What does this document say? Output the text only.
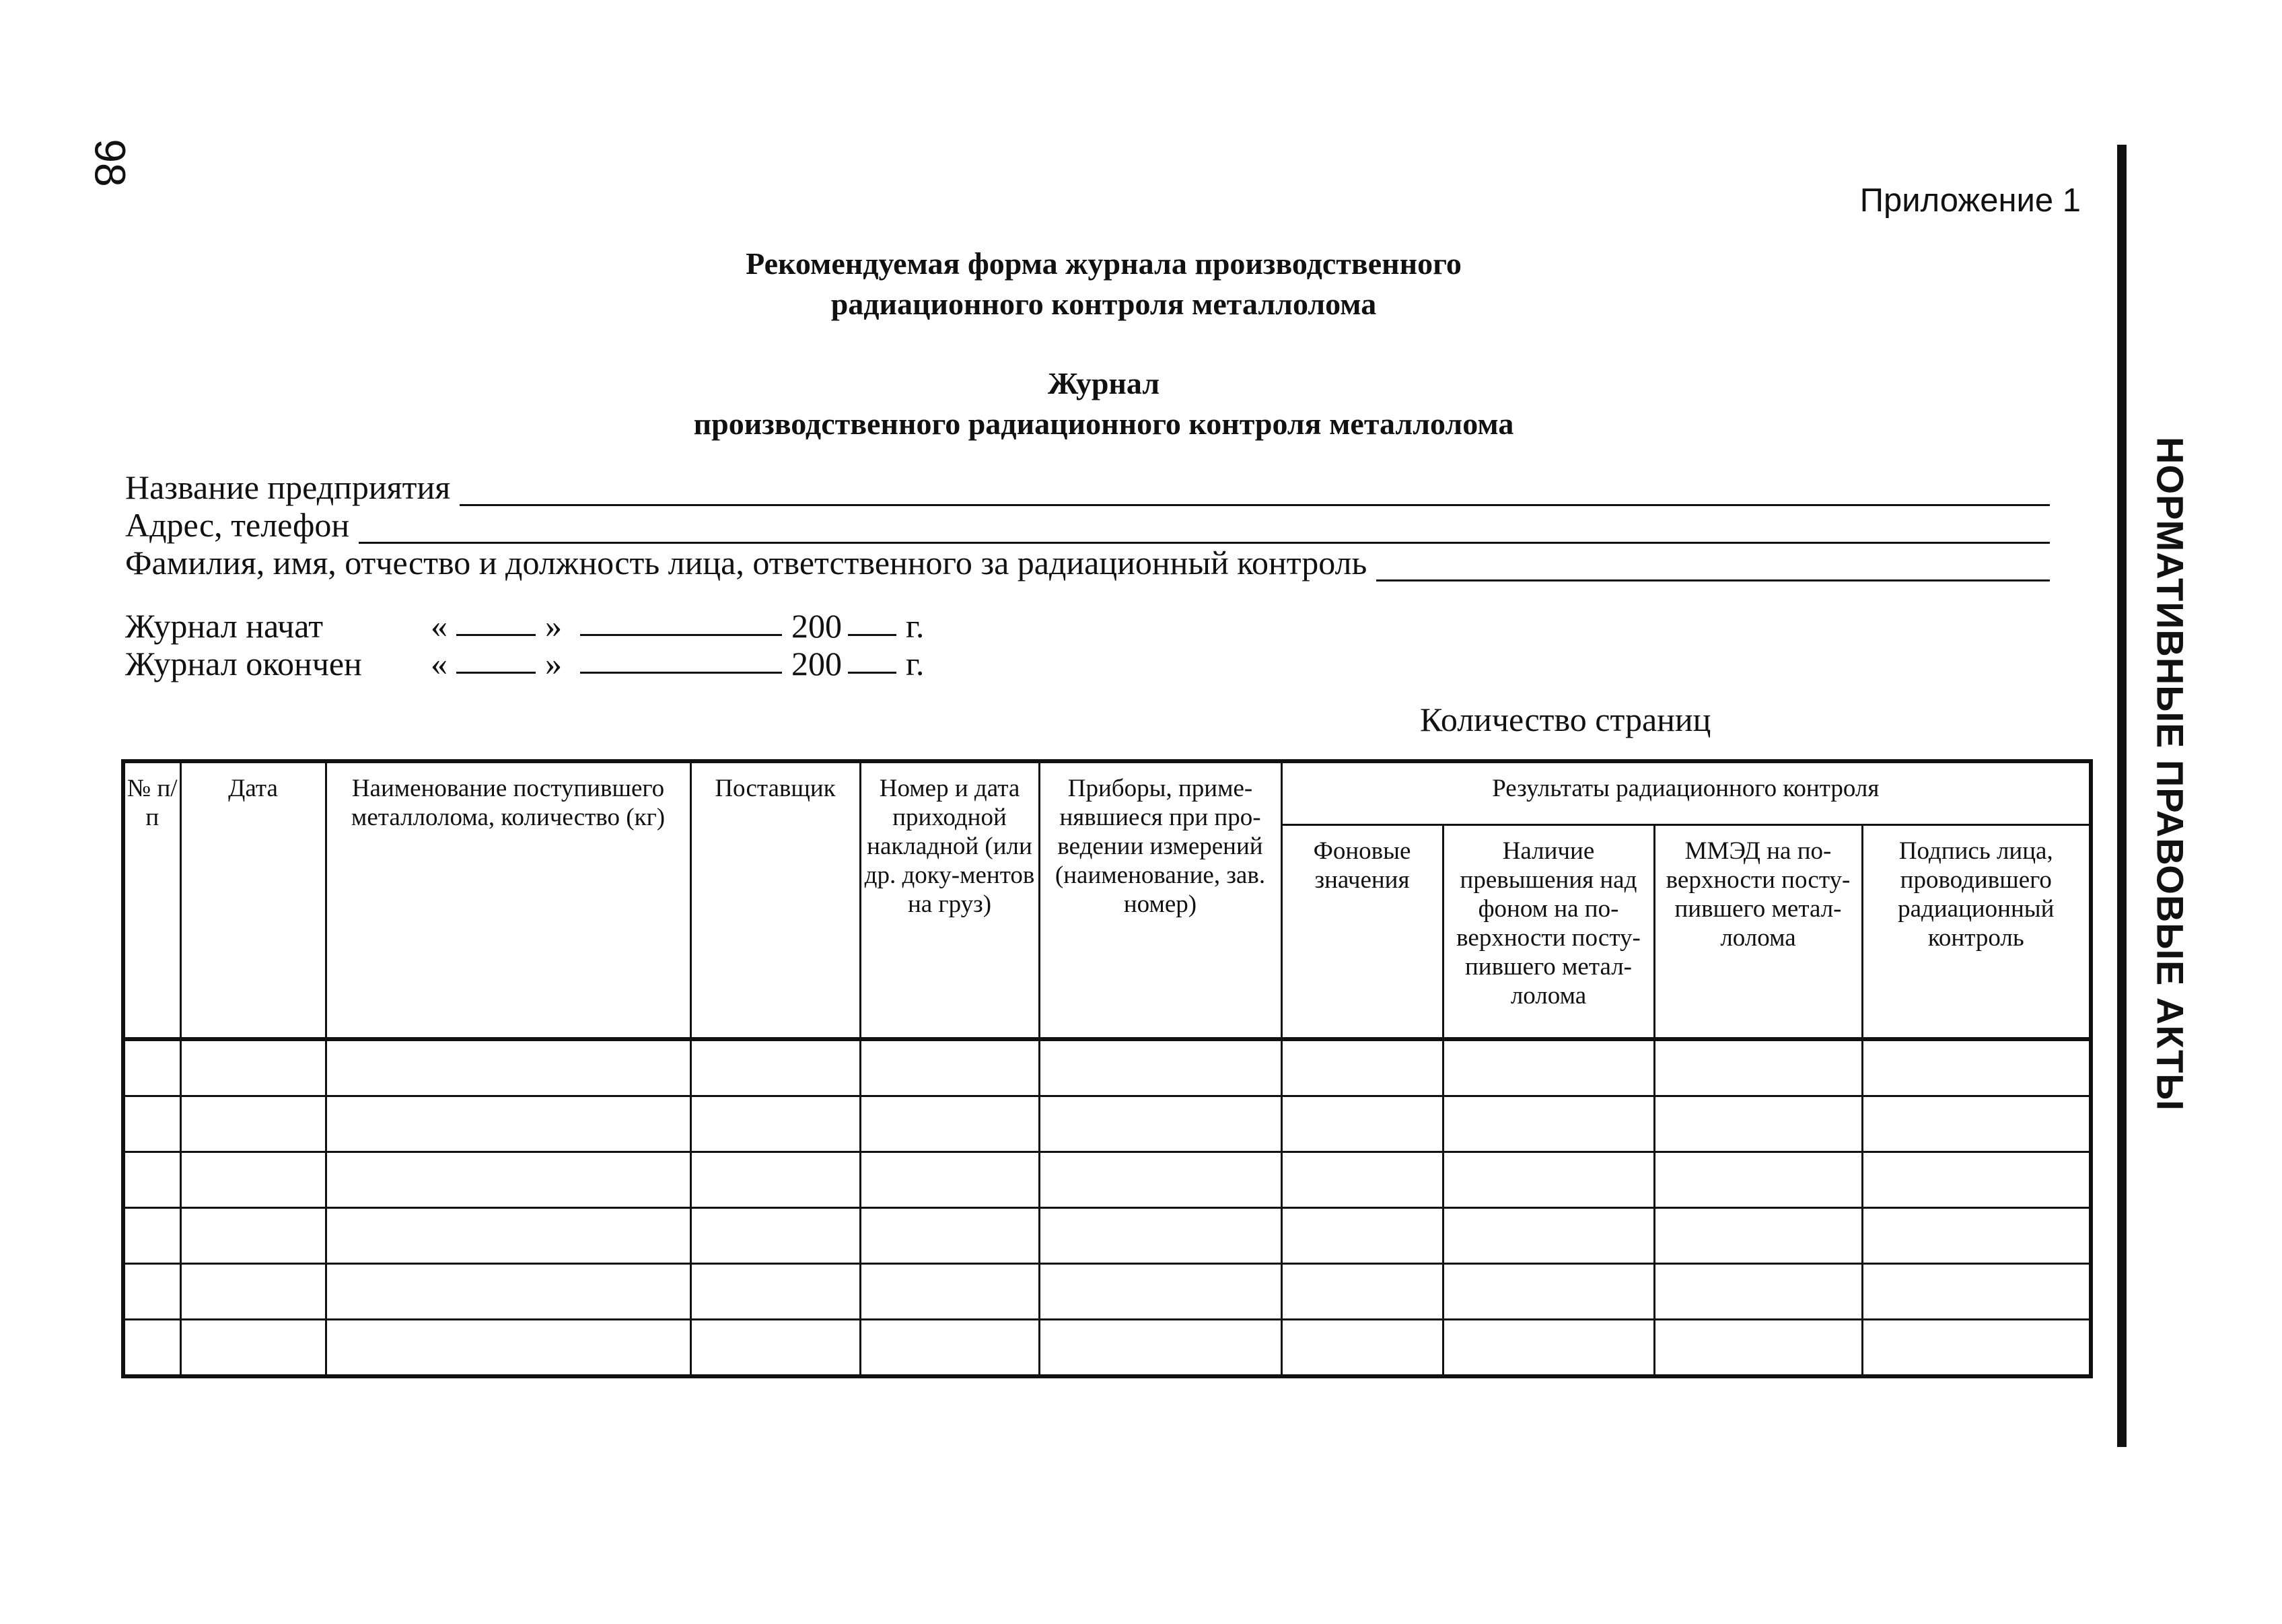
98
Приложение 1
Рекомендуемая форма журнала производственного
радиационного контроля металлолома
Журнал
производственного радиационного контроля металлолома
Название предприятия
Адрес, телефон
Фамилия, имя, отчество и должность лица, ответственного за радиационный контроль
Журнал начат	«	»	200 г.
Журнал окончен «	»	200 г.
Количество страниц
№ п/п	Дата	Наименование поступившего металлолома, количество (кг)	Поставщик	Номер и дата приходной накладной (или др. доку-ментов на груз)	Приборы, приме-нявшиеся при про-ведении измерений (наименование, зав. номер)	Результаты радиационного контроля			
						Фоновые значения	Наличие превышения над фоном на по-верхности посту-пившего метал-лолома	ММЭД на по-верхности посту-пившего метал-лолома	Подпись лица, проводившего радиационный контроль

										НОРМАТИВНЫЕ ПРАВОВЫЕ АКТЫ
